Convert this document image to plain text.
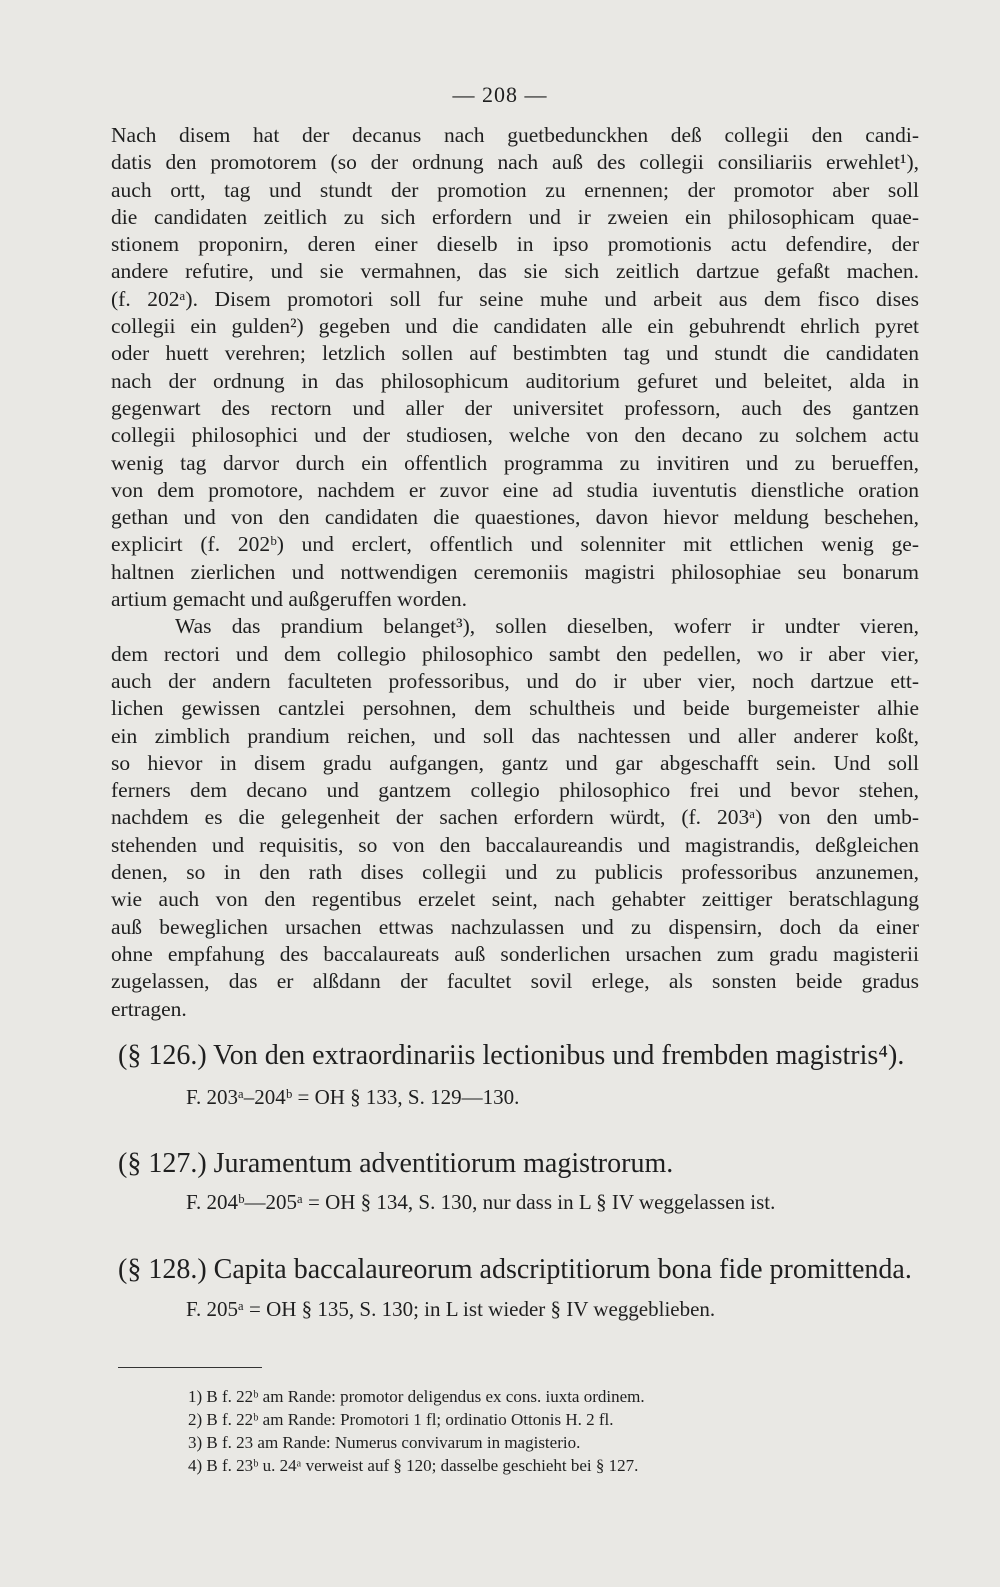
— 208 —
Nach disem hat der decanus nach guetbedunckhen deß collegii den candi-
datis den promotorem (so der ordnung nach auß des collegii consiliariis erwehlet¹),
auch ortt, tag und stundt der promotion zu ernennen; der promotor aber soll
die candidaten zeitlich zu sich erfordern und ir zweien ein philosophicam quae-
stionem proponirn, deren einer dieselb in ipso promotionis actu defendire, der
andere refutire, und sie vermahnen, das sie sich zeitlich dartzue gefaßt machen.
(f. 202ᵃ). Disem promotori soll fur seine muhe und arbeit aus dem fisco dises
collegii ein gulden²) gegeben und die candidaten alle ein gebuhrendt ehrlich pyret
oder huett verehren; letzlich sollen auf bestimbten tag und stundt die candidaten
nach der ordnung in das philosophicum auditorium gefuret und beleitet, alda in
gegenwart des rectorn und aller der universitet professorn, auch des gantzen
collegii philosophici und der studiosen, welche von den decano zu solchem actu
wenig tag darvor durch ein offentlich programma zu invitiren und zu berueffen,
von dem promotore, nachdem er zuvor eine ad studia iuventutis dienstliche oration
gethan und von den candidaten die quaestiones, davon hievor meldung beschehen,
explicirt (f. 202ᵇ) und erclert, offentlich und solenniter mit ettlichen wenig ge-
haltnen zierlichen und nottwendigen ceremoniis magistri philosophiae seu bonarum
artium gemacht und außgeruffen worden.
Was das prandium belanget³), sollen dieselben, woferr ir undter vieren,
dem rectori und dem collegio philosophico sambt den pedellen, wo ir aber vier,
auch der andern faculteten professoribus, und do ir uber vier, noch dartzue ett-
lichen gewissen cantzlei persohnen, dem schultheis und beide burgemeister alhie
ein zimblich prandium reichen, und soll das nachtessen und aller anderer koßt,
so hievor in disem gradu aufgangen, gantz und gar abgeschafft sein. Und soll
ferners dem decano und gantzem collegio philosophico frei und bevor stehen,
nachdem es die gelegenheit der sachen erfordern würdt, (f. 203ᵃ) von den umb-
stehenden und requisitis, so von den baccalaureandis und magistrandis, deßgleichen
denen, so in den rath dises collegii und zu publicis professoribus anzunemen,
wie auch von den regentibus erzelet seint, nach gehabter zeittiger beratschlagung
auß beweglichen ursachen ettwas nachzulassen und zu dispensirn, doch da einer
ohne empfahung des baccalaureats auß sonderlichen ursachen zum gradu magisterii
zugelassen, das er alßdann der facultet sovil erlege, als sonsten beide gradus
ertragen.
(§ 126.) Von den extraordinariis lectionibus und frembden magistris⁴).
F. 203ᵃ–204ᵇ = OH § 133, S. 129—130.
(§ 127.) Juramentum adventitiorum magistrorum.
F. 204ᵇ—205ᵃ = OH § 134, S. 130, nur dass in L § IV weggelassen ist.
(§ 128.) Capita baccalaureorum adscriptitiorum bona fide promittenda.
F. 205ᵃ = OH § 135, S. 130; in L ist wieder § IV weggeblieben.
1) B f. 22ᵇ am Rande: promotor deligendus ex cons. iuxta ordinem.
2) B f. 22ᵇ am Rande: Promotori 1 fl; ordinatio Ottonis H. 2 fl.
3) B f. 23 am Rande: Numerus convivarum in magisterio.
4) B f. 23ᵇ u. 24ᵃ verweist auf § 120; dasselbe geschieht bei § 127.
